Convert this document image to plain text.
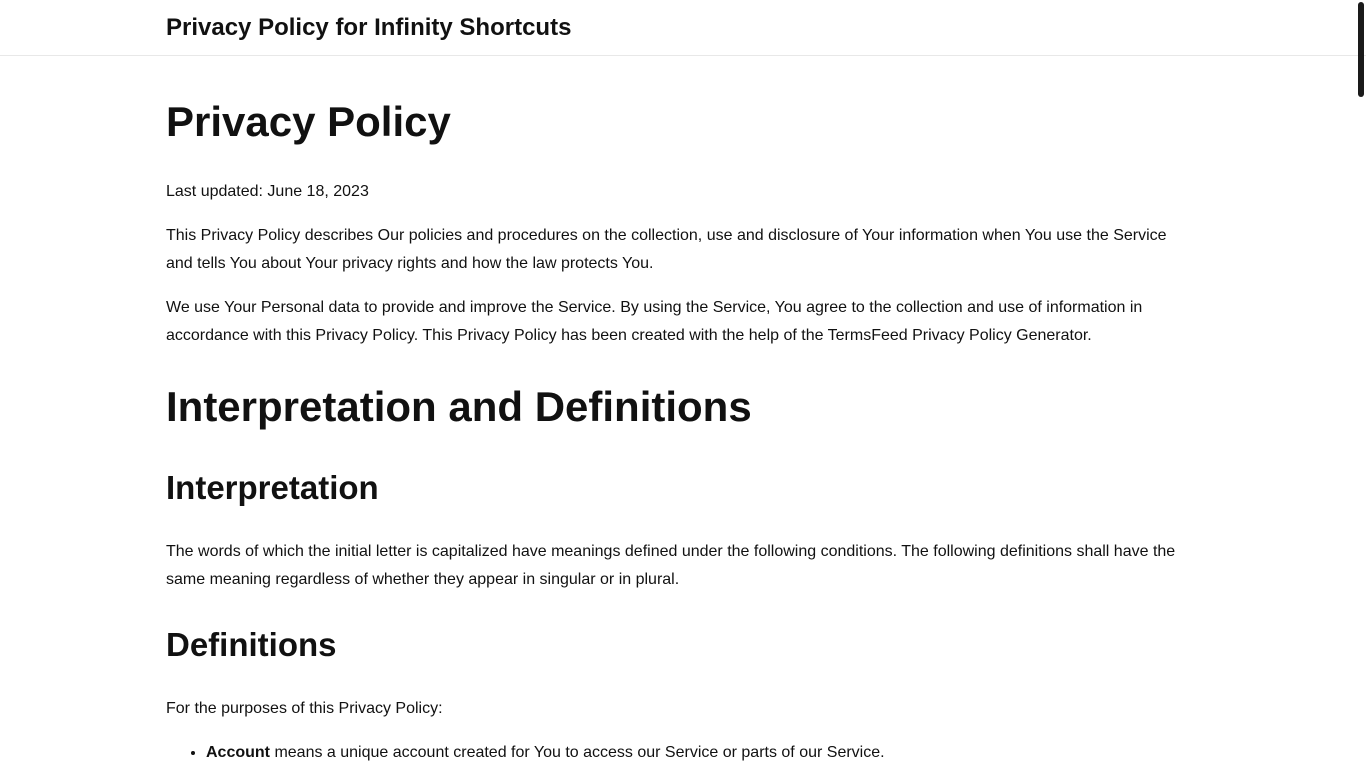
Privacy Policy for Infinity Shortcuts
Privacy Policy

Last updated: June 18, 2023

This Privacy Policy describes Our policies and procedures on the collection, use and disclosure of Your information when You use the Service and tells You about Your privacy rights and how the law protects You.

We use Your Personal data to provide and improve the Service. By using the Service, You agree to the collection and use of information in accordance with this Privacy Policy. This Privacy Policy has been created with the help of the TermsFeed Privacy Policy Generator.

Interpretation and Definitions
Interpretation

The words of which the initial letter is capitalized have meanings defined under the following conditions. The following definitions shall have the same meaning regardless of whether they appear in singular or in plural.

Definitions

For the purposes of this Privacy Policy:

• Account means a unique account created for You to access our Service or parts of our Service.
